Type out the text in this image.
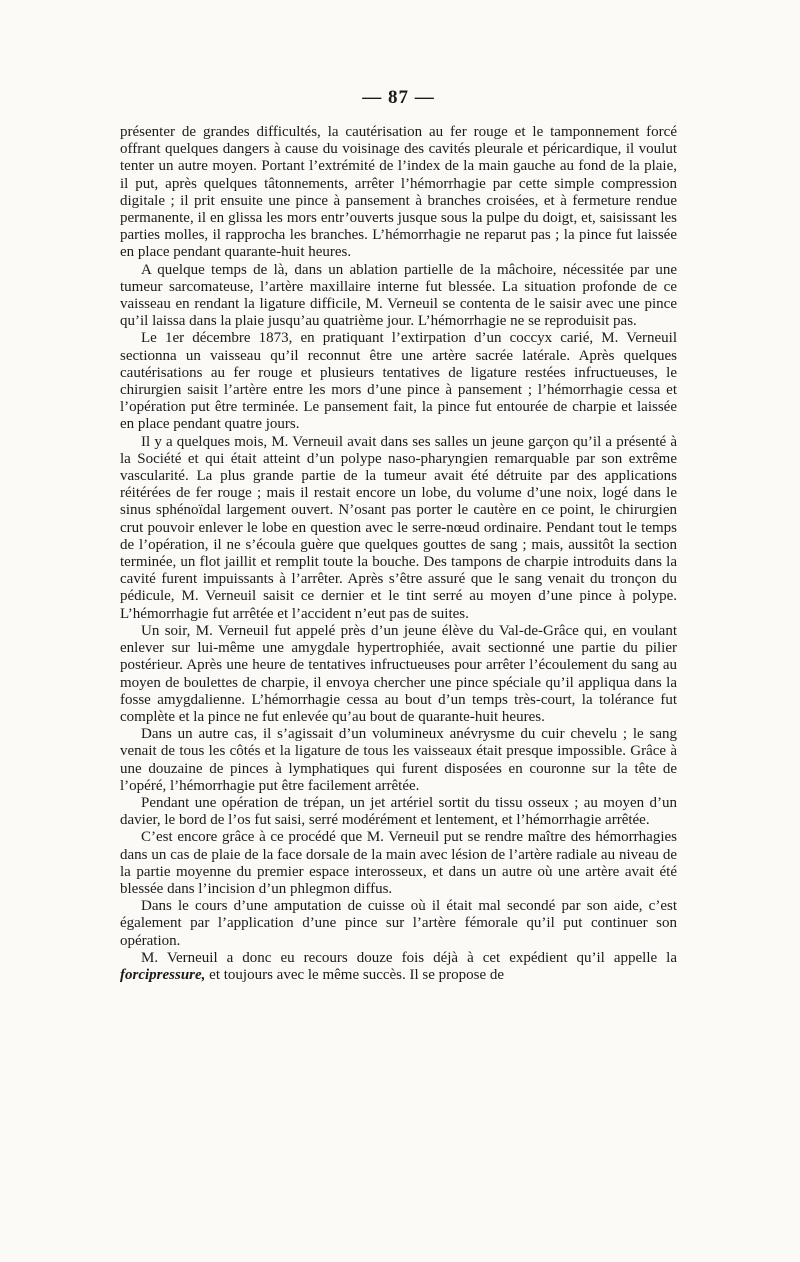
— 87 —

présenter de grandes difficultés, la cautérisation au fer rouge et le tamponnement forcé offrant quelques dangers à cause du voisinage des cavités pleurale et péricardique, il voulut tenter un autre moyen. Portant l’extrémité de l’index de la main gauche au fond de la plaie, il put, après quelques tâtonnements, arrêter l’hémorrhagie par cette simple compression digitale ; il prit ensuite une pince à pansement à branches croisées, et à fermeture rendue permanente, il en glissa les mors entr’ouverts jusque sous la pulpe du doigt, et, saisissant les parties molles, il rapprocha les branches. L’hémorrhagie ne reparut pas ; la pince fut laissée en place pendant quarante-huit heures.

A quelque temps de là, dans un ablation partielle de la mâchoire, nécessitée par une tumeur sarcomateuse, l’artère maxillaire interne fut blessée. La situation profonde de ce vaisseau en rendant la ligature difficile, M. Verneuil se contenta de le saisir avec une pince qu’il laissa dans la plaie jusqu’au quatrième jour. L’hémorrhagie ne se reproduisit pas.

Le 1er décembre 1873, en pratiquant l’extirpation d’un coccyx carié, M. Verneuil sectionna un vaisseau qu’il reconnut être une artère sacrée latérale. Après quelques cautérisations au fer rouge et plusieurs tentatives de ligature restées infructueuses, le chirurgien saisit l’artère entre les mors d’une pince à pansement ; l’hémorrhagie cessa et l’opération put être terminée. Le pansement fait, la pince fut entourée de charpie et laissée en place pendant quatre jours.

Il y a quelques mois, M. Verneuil avait dans ses salles un jeune garçon qu’il a présenté à la Société et qui était atteint d’un polype naso-pharyngien remarquable par son extrême vascularité. La plus grande partie de la tumeur avait été détruite par des applications réitérées de fer rouge ; mais il restait encore un lobe, du volume d’une noix, logé dans le sinus sphénoïdal largement ouvert. N’osant pas porter le cautère en ce point, le chirurgien crut pouvoir enlever le lobe en question avec le serre-nœud ordinaire. Pendant tout le temps de l’opération, il ne s’écoula guère que quelques gouttes de sang ; mais, aussitôt la section terminée, un flot jaillit et remplit toute la bouche. Des tampons de charpie introduits dans la cavité furent impuissants à l’arrêter. Après s’être assuré que le sang venait du tronçon du pédicule, M. Verneuil saisit ce dernier et le tint serré au moyen d’une pince à polype. L’hémorrhagie fut arrêtée et l’accident n’eut pas de suites.

Un soir, M. Verneuil fut appelé près d’un jeune élève du Val-de-Grâce qui, en voulant enlever sur lui-même une amygdale hypertrophiée, avait sectionné une partie du pilier postérieur. Après une heure de tentatives infructueuses pour arrêter l’écoulement du sang au moyen de boulettes de charpie, il envoya chercher une pince spéciale qu’il appliqua dans la fosse amygdalienne. L’hémorrhagie cessa au bout d’un temps très-court, la tolérance fut complète et la pince ne fut enlevée qu’au bout de quarante-huit heures.

Dans un autre cas, il s’agissait d’un volumineux anévrysme du cuir chevelu ; le sang venait de tous les côtés et la ligature de tous les vaisseaux était presque impossible. Grâce à une douzaine de pinces à lymphatiques qui furent disposées en couronne sur la tête de l’opéré, l’hémorrhagie put être facilement arrêtée.

Pendant une opération de trépan, un jet artériel sortit du tissu osseux ; au moyen d’un davier, le bord de l’os fut saisi, serré modérément et lentement, et l’hémorrhagie arrêtée.

C’est encore grâce à ce procédé que M. Verneuil put se rendre maître des hémorrhagies dans un cas de plaie de la face dorsale de la main avec lésion de l’artère radiale au niveau de la partie moyenne du premier espace interosseux, et dans un autre où une artère avait été blessée dans l’incision d’un phlegmon diffus.

Dans le cours d’une amputation de cuisse où il était mal secondé par son aide, c’est également par l’application d’une pince sur l’artère fémorale qu’il put continuer son opération.

M. Verneuil a donc eu recours douze fois déjà à cet expédient qu’il appelle la forcipressure, et toujours avec le même succès. Il se propose de
